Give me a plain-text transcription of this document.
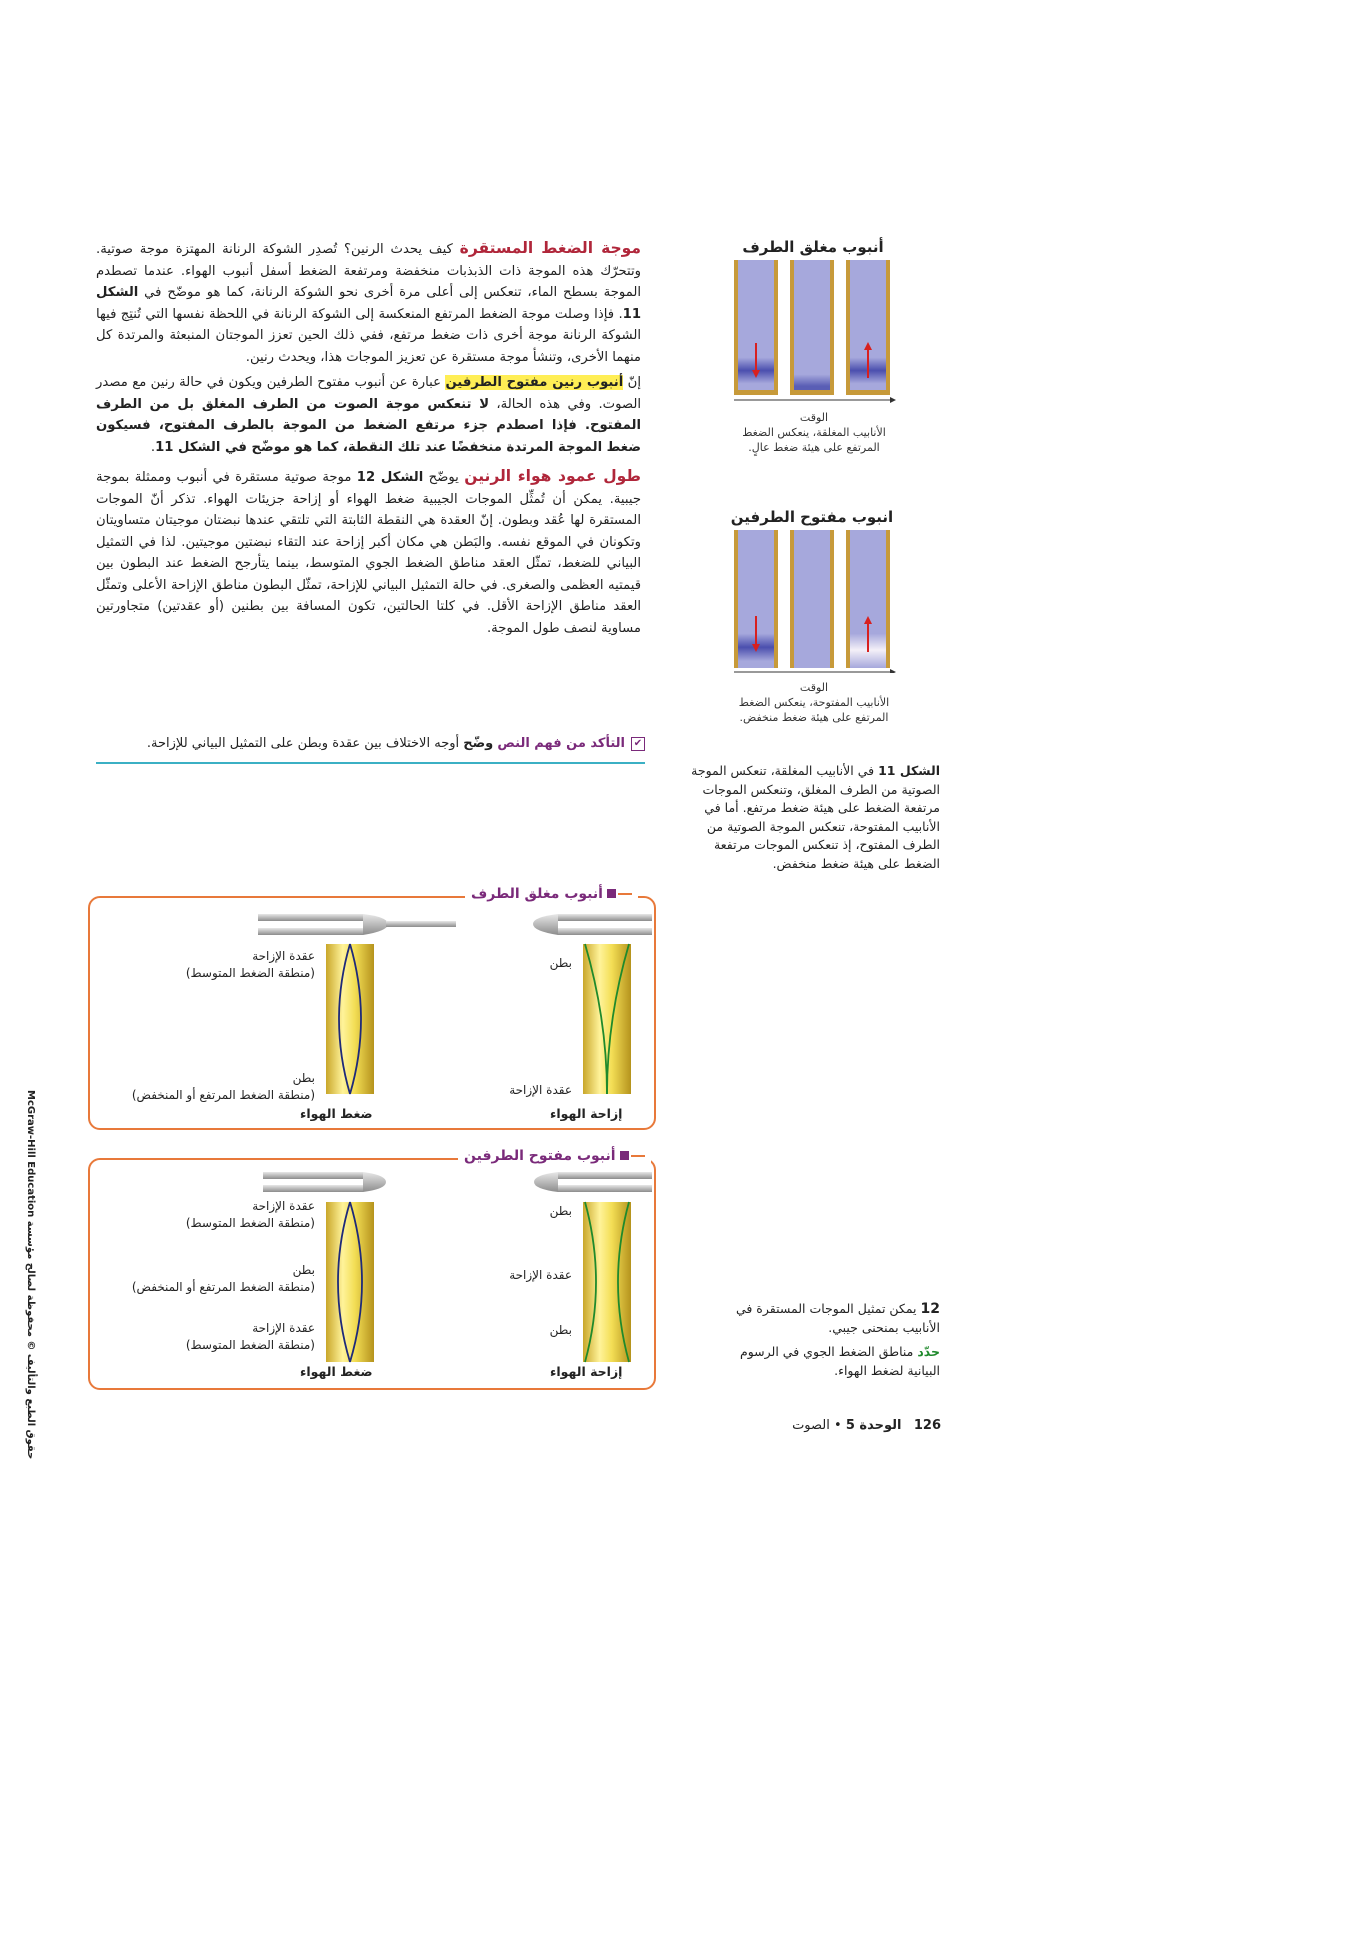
موجة الضغط المستقرة كيف يحدث الرنين؟ تُصدِر الشوكة الرنانة المهتزة موجة صوتية. وتتحرّك هذه الموجة ذات الذبذبات منخفضة ومرتفعة الضغط أسفل أنبوب الهواء. عندما تصطدم الموجة بسطح الماء، تنعكس إلى أعلى مرة أخرى نحو الشوكة الرنانة، كما هو موضّح في الشكل 11. فإذا وصلت موجة الضغط المرتفع المنعكسة إلى الشوكة الرنانة في اللحظة نفسها التي تُنتِج فيها الشوكة الرنانة موجة أخرى ذات ضغط مرتفع، ففي ذلك الحين تعزز الموجتان المنبعثة والمرتدة كل منهما الأخرى، وتنشأ موجة مستقرة عن تعزيز الموجات هذا، ويحدث رنين.

إنّ أنبوب رنين مفتوح الطرفين عبارة عن أنبوب مفتوح الطرفين ويكون في حالة رنين مع مصدر الصوت. وفي هذه الحالة، لا تنعكس موجة الصوت من الطرف المغلق بل من الطرف المفتوح. فإذا اصطدم جزء مرتفع الضغط من الموجة بالطرف المفتوح، فسيكون ضغط الموجة المرتدة منخفضًا عند تلك النقطة، كما هو موضّح في الشكل 11.

طول عمود هواء الرنين يوضّح الشكل 12 موجة صوتية مستقرة في أنبوب وممثلة بموجة جيبية. يمكن أن تُمثِّل الموجات الجيبية ضغط الهواء أو إزاحة جزيئات الهواء. تذكر أنّ الموجات المستقرة لها عُقد وبطون. إنّ العقدة هي النقطة الثابتة التي تلتقي عندها نبضتان موجيتان متساويتان وتكونان في الموقع نفسه. والبَطن هي مكان أكبر إزاحة عند التقاء نبضتين موجيتين. لذا في التمثيل البياني للضغط، تمثّل العقد مناطق الضغط الجوي المتوسط، بينما يتأرجح الضغط عند البطون بين قيمتيه العظمى والصغرى. في حالة التمثيل البياني للإزاحة، تمثّل البطون مناطق الإزاحة الأعلى وتمثّل العقد مناطق الإزاحة الأقل. في كلتا الحالتين، تكون المسافة بين بطنين (أو عقدتين) متجاورتين مساوية لنصف طول الموجة.

✔التأكد من فهم النص وضّح أوجه الاختلاف بين عقدة وبطن على التمثيل البياني للإزاحة.
أنبوب مغلق الطرف
الوقت
الأنابيب المغلقة، ينعكس الضغط المرتفع على هيئة ضغط عالٍ.
انبوب مفتوح الطرفين
الوقت
الأنابيب المفتوحة، ينعكس الضغط المرتفع على هيئة ضغط منخفض.
الشكل 11 في الأنابيب المغلقة، تنعكس الموجة الصوتية من الطرف المغلق، وتنعكس الموجات مرتفعة الضغط على هيئة ضغط مرتفع. أما في الأنابيب المفتوحة، تنعكس الموجة الصوتية من الطرف المفتوح، إذ تنعكس الموجات مرتفعة الضغط على هيئة ضغط منخفض.
أنبوب مغلق الطرف
عقدة الإزاحة
(منطقة الضغط المتوسط)
بطن
(منطقة الضغط المرتفع أو المنخفض)
بطن
عقدة الإزاحة
ضغط الهواء	إزاحة الهواء
أنبوب مفتوح الطرفين
عقدة الإزاحة
(منطقة الضغط المتوسط)
بطن
(منطقة الضغط المرتفع أو المنخفض)
عقدة الإزاحة
(منطقة الضغط المتوسط)
بطن
عقدة الإزاحة
بطن
ضغط الهواء	إزاحة الهواء
12 يمكن تمثيل الموجات المستقرة في الأنابيب بمنحنى جيبي.
حدّد مناطق الضغط الجوي في الرسوم البيانية لضغط الهواء.
126   الوحدة 5 • الصوت
McGraw-Hill Education حقوق الطبع والتأليف © محفوظة لصالح مؤسسة
